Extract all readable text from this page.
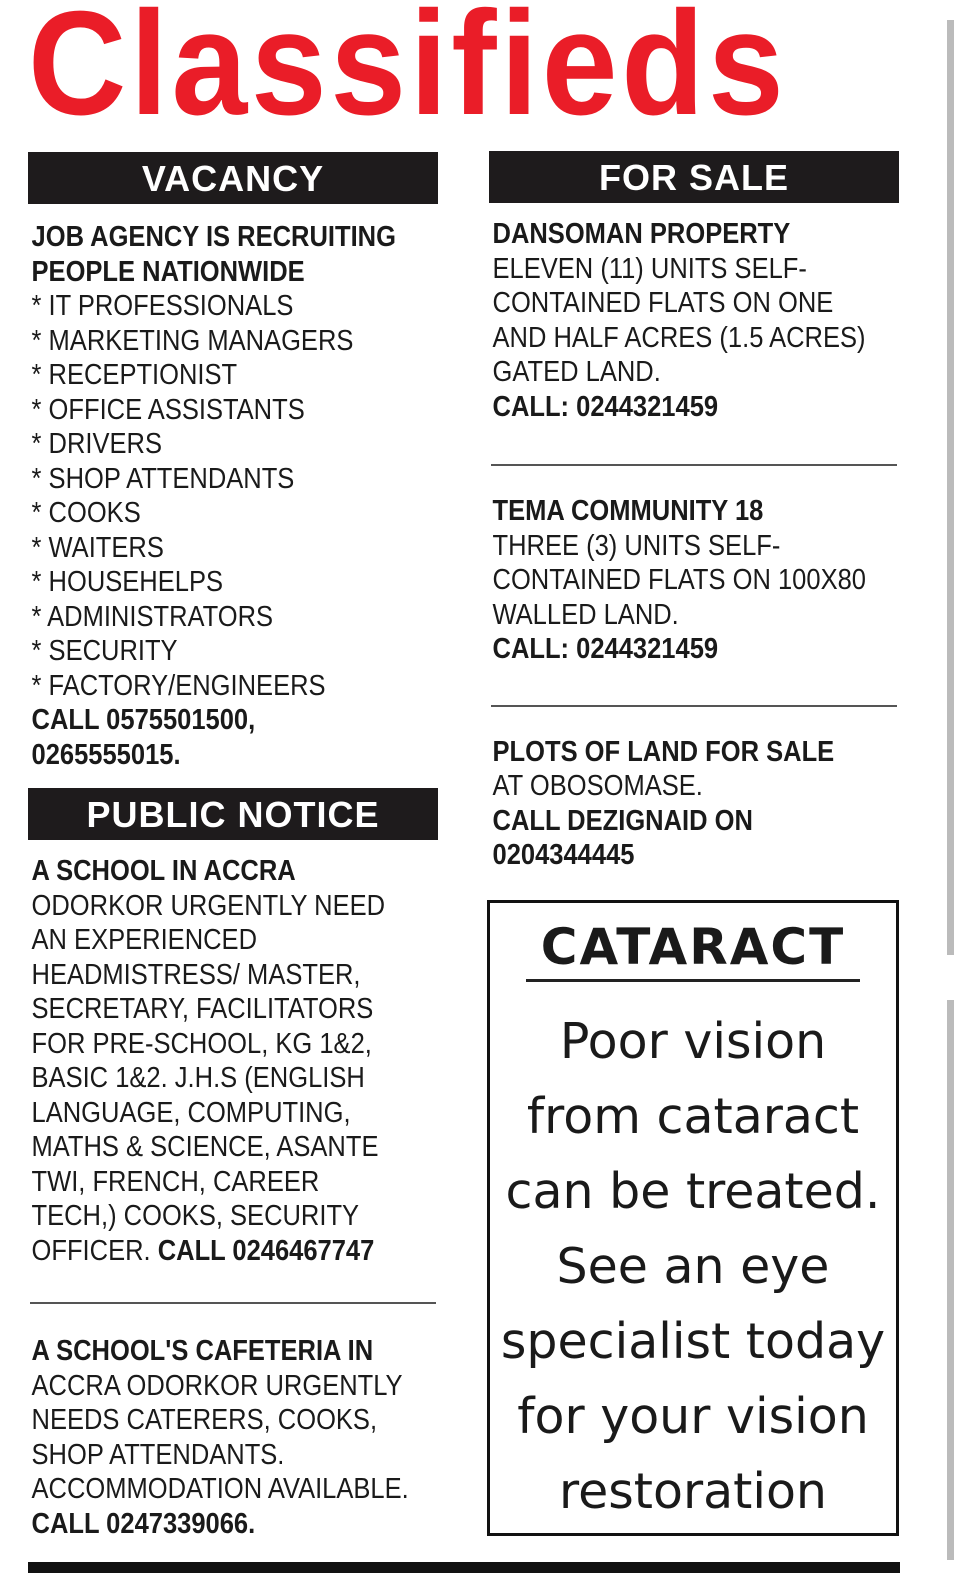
Classifieds
VACANCY

JOB AGENCY IS RECRUITING

PEOPLE NATIONWIDE

* IT PROFESSIONALS
* MARKETING MANAGERS
* RECEPTIONIST
* OFFICE ASSISTANTS
* DRIVERS
* SHOP ATTENDANTS
* COOKS
* WAITERS
* HOUSEHELPS
* ADMINISTRATORS
* SECURITY
* FACTORY/ENGINEERS

CALL 0575501500,

0265555015.

PUBLIC NOTICE

A SCHOOL IN ACCRA

ODORKOR URGENTLY NEED

AN EXPERIENCED

HEADMISTRESS/ MASTER,

SECRETARY, FACILITATORS

FOR PRE-SCHOOL, KG 1&2,

BASIC 1&2. J.H.S (ENGLISH

LANGUAGE, COMPUTING,

MATHS & SCIENCE, ASANTE

TWI, FRENCH, CAREER

TECH,) COOKS, SECURITY

OFFICER. CALL 0246467747

A SCHOOL'S CAFETERIA IN

ACCRA ODORKOR URGENTLY

NEEDS CATERERS, COOKS,

SHOP ATTENDANTS.

ACCOMMODATION AVAILABLE.

CALL 0247339066.

FOR SALE

DANSOMAN PROPERTY

ELEVEN (11) UNITS SELF-

CONTAINED FLATS ON ONE

AND HALF ACRES (1.5 ACRES)

GATED LAND.

CALL: 0244321459

TEMA COMMUNITY 18

THREE (3) UNITS SELF-

CONTAINED FLATS ON 100X80

WALLED LAND.

CALL: 0244321459

PLOTS OF LAND FOR SALE

AT OBOSOMASE.

CALL DEZIGNAID ON

0204344445

CATARACT
Poor vision
from cataract
can be treated.
See an eye
specialist today
for your vision
restoration
